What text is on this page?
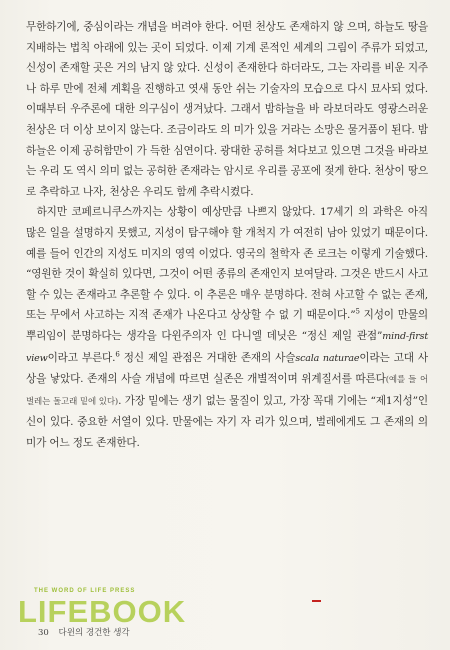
무한하기에, 중심이라는 개념을 버려야 한다. 어떤 천상도 존재하지 않 으며, 하늘도 땅을 지배하는 법칙 아래에 있는 곳이 되었다. 이제 기계 론적인 세계의 그림이 주류가 되었고, 신성이 존재할 곳은 거의 남지 않 았다. 신성이 존재한다 하더라도, 그는 자리를 비운 지주나 하루 만에 전체 계획을 진행하고 엿새 동안 쉬는 기술자의 모습으로 다시 묘사되 었다. 이때부터 우주론에 대한 의구심이 생겨났다. 그래서 밤하늘을 바 라보더라도 영광스러운 천상은 더 이상 보이지 않는다. 조금이라도 의 미가 있을 거라는 소망은 물거품이 된다. 밤하늘은 이제 공허함만이 가 득한 심연이다. 광대한 공허를 쳐다보고 있으면 그것을 바라보는 우리 도 역시 의미 없는 공허한 존재라는 암시로 우리를 공포에 젖게 한다. 천상이 땅으로 추락하고 나자, 천상은 우리도 함께 추락시켰다.

하지만 코페르니쿠스까지는 상황이 예상만큼 나쁘지 않았다. 17세기 의 과학은 아직 많은 일을 설명하지 못했고, 지성이 탐구해야 할 개척지 가 여전히 남아 있었기 때문이다. 예를 들어 인간의 지성도 미지의 영역 이었다. 영국의 철학자 존 로크는 이렇게 기술했다. “영원한 것이 확실히 있다면, 그것이 어떤 종류의 존재인지 보여달라. 그것은 반드시 사고할 수 있는 존재라고 추론할 수 있다. 이 추론은 매우 분명하다. 전혀 사고할 수 없는 존재, 또는 무에서 사고하는 지적 존재가 나온다고 상상할 수 없 기 때문이다.”$^5$ 지성이 만물의 뿌리임이 분명하다는 생각을 다윈주의자 인 다니엘 데닛은 “정신 제일 관점”mind-first view이라고 부른다.$^6$ 정신 제일 관점은 거대한 존재의 사슬scala naturae이라는 고대 사상을 낳았다. 존재의 사슬 개념에 따르면 실존은 개별적이며 위계질서를 따른다(예를 들 어 벌레는 돌고래 밑에 있다). 가장 밑에는 생기 없는 물질이 있고, 가장 꼭대 기에는 “제1지성”인 신이 있다. 중요한 서열이 있다. 만물에는 자기 자 리가 있으며, 벌레에게도 그 존재의 의미가 어느 정도 존재한다.

THE WORD OF LIFE PRESS
LIFEBOOK
30 다윈의 경건한 생각
